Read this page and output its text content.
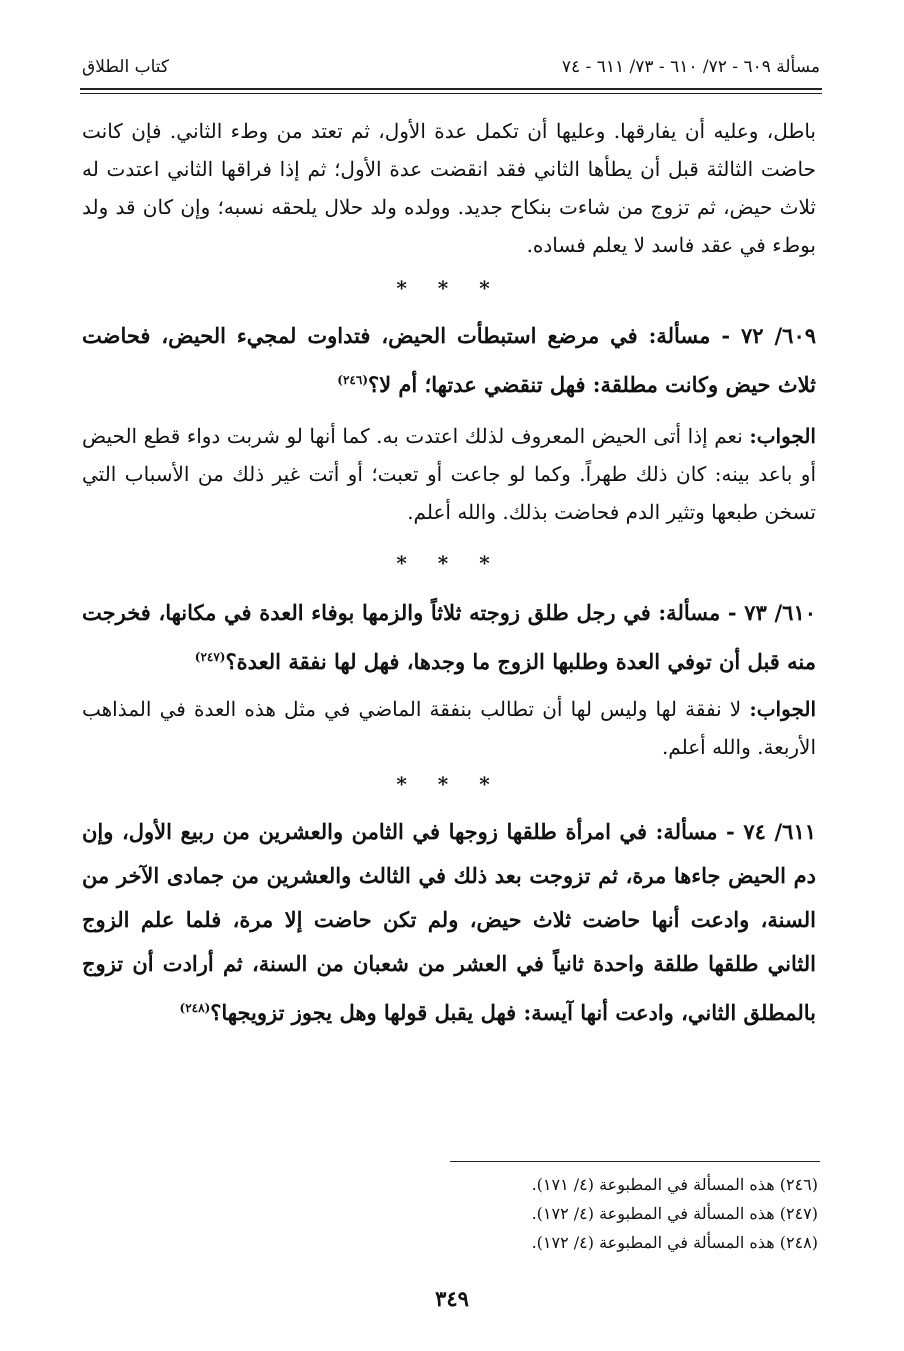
مسألة ٦٠٩ - ٧٢/ ٦١٠ - ٧٣/ ٦١١ - ٧٤
كتاب الطلاق

باطل، وعليه أن يفارقها. وعليها أن تكمل عدة الأول، ثم تعتد من وطء الثاني. فإن كانت حاضت الثالثة قبل أن يطأها الثاني فقد انقضت عدة الأول؛ ثم إذا فراقها الثاني اعتدت له ثلاث حيض، ثم تزوج من شاءت بنكاح جديد. وولده ولد حلال يلحقه نسبه؛ وإن كان قد ولد بوطء في عقد فاسد لا يعلم فساده.

* * *

٦٠٩/ ٧٢ - مسألة: في مرضع استبطأت الحيض، فتداوت لمجيء الحيض، فحاضت ثلاث حيض وكانت مطلقة: فهل تنقضي عدتها؛ أم لا؟$^{(٢٤٦)}$

الجواب: نعم إذا أتى الحيض المعروف لذلك اعتدت به. كما أنها لو شربت دواء قطع الحيض أو باعد بينه: كان ذلك طهراً. وكما لو جاعت أو تعبت؛ أو أتت غير ذلك من الأسباب التي تسخن طبعها وتثير الدم فحاضت بذلك. والله أعلم.

* * *

٦١٠/ ٧٣ - مسألة: في رجل طلق زوجته ثلاثاً والزمها بوفاء العدة في مكانها، فخرجت منه قبل أن توفي العدة وطلبها الزوج ما وجدها، فهل لها نفقة العدة؟$^{(٢٤٧)}$

الجواب: لا نفقة لها وليس لها أن تطالب بنفقة الماضي في مثل هذه العدة في المذاهب الأربعة. والله أعلم.

* * *

٦١١/ ٧٤ - مسألة: في امرأة طلقها زوجها في الثامن والعشرين من ربيع الأول، وإن دم الحيض جاءها مرة، ثم تزوجت بعد ذلك في الثالث والعشرين من جمادى الآخر من السنة، وادعت أنها حاضت ثلاث حيض، ولم تكن حاضت إلا مرة، فلما علم الزوج الثاني طلقها طلقة واحدة ثانياً في العشر من شعبان من السنة، ثم أرادت أن تزوج بالمطلق الثاني، وادعت أنها آيسة: فهل يقبل قولها وهل يجوز تزويجها؟$^{(٢٤٨)}$

(٢٤٦) هذه المسألة في المطبوعة (٤/ ١٧١).
(٢٤٧) هذه المسألة في المطبوعة (٤/ ١٧٢).
(٢٤٨) هذه المسألة في المطبوعة (٤/ ١٧٢).
٣٤٩
